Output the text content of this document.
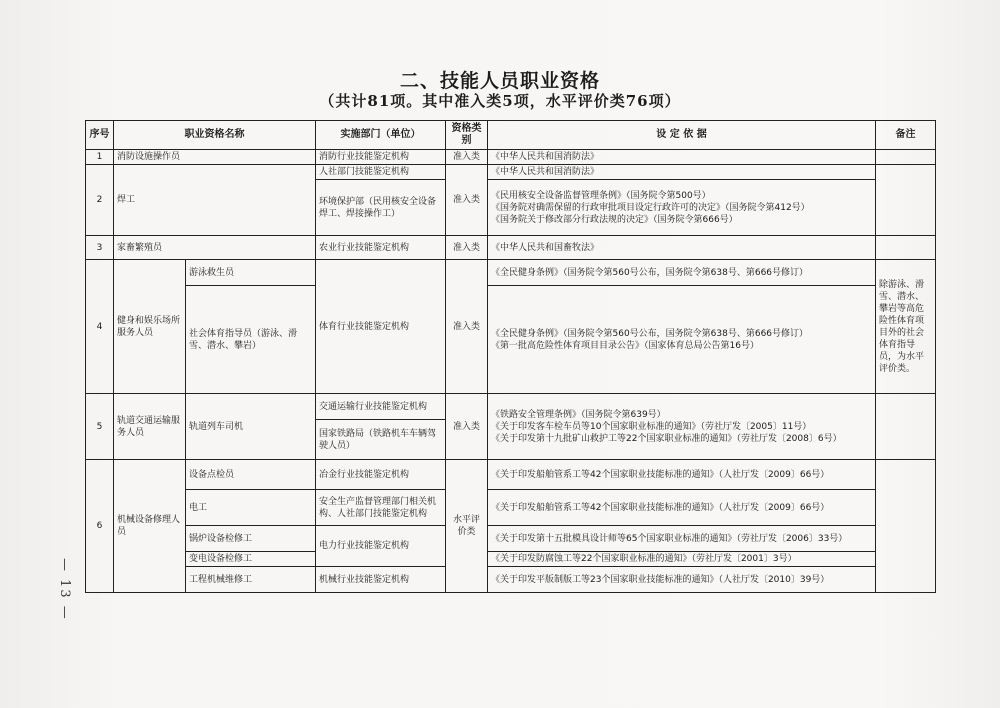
二、技能人员职业资格
（共计81项。其中准入类5项，水平评价类76项）
— 13 —
序号	职业资格名称		实施部门（单位）	资格类别	设 定 依 据	备注
1	消防设施操作员		消防行业技能鉴定机构	准入类	《中华人民共和国消防法》	
2	焊工		人社部门技能鉴定机构	准入类	《中华人民共和国消防法》	
			环境保护部（民用核安全设备焊工、焊接操作工）		《民用核安全设备监督管理条例》（国务院令第500号）
《国务院对确需保留的行政审批项目设定行政许可的决定》（国务院令第412号）
《国务院关于修改部分行政法规的决定》（国务院令第666号）	

3	家畜繁殖员		农业行业技能鉴定机构	准入类	《中华人民共和国畜牧法》	
4	健身和娱乐场所服务人员	游泳救生员	体育行业技能鉴定机构	准入类	《全民健身条例》（国务院令第560号公布，国务院令第638号、第666号修订）	除游泳、滑雪、潜水、攀岩等高危险性体育项目外的社会体育指导员，为水平评价类。
		社会体育指导员（游泳、滑雪、潜水、攀岩）			《全民健身条例》（国务院令第560号公布，国务院令第638号、第666号修订）
《第一批高危险性体育项目目录公告》（国家体育总局公告第16号）	

5	轨道交通运输服务人员	轨道列车司机	交通运输行业技能鉴定机构	准入类	《铁路安全管理条例》（国务院令第639号）
《关于印发客车检车员等10个国家职业标准的通知》（劳社厅发〔2005〕11号）
《关于印发第十九批矿山救护工等22个国家职业标准的通知》（劳社厅发〔2008〕6号）	

			国家铁路局（铁路机车车辆驾驶人员）			
6	机械设备修理人员	设备点检员	冶金行业技能鉴定机构	水平评价类	《关于印发船舶管系工等42个国家职业技能标准的通知》（人社厅发〔2009〕66号）	
		电工	安全生产监督管理部门相关机构、人社部门技能鉴定机构		《关于印发船舶管系工等42个国家职业技能标准的通知》（人社厅发〔2009〕66号）	
		锅炉设备检修工	电力行业技能鉴定机构		《关于印发第十五批模具设计师等65个国家职业标准的通知》（劳社厅发〔2006〕33号）	
		变电设备检修工			《关于印发防腐蚀工等22个国家职业标准的通知》（劳社厅发〔2001〕3号）	
		工程机械维修工	机械行业技能鉴定机构		《关于印发平版制版工等23个国家职业技能标准的通知》（人社厅发〔2010〕39号）	
